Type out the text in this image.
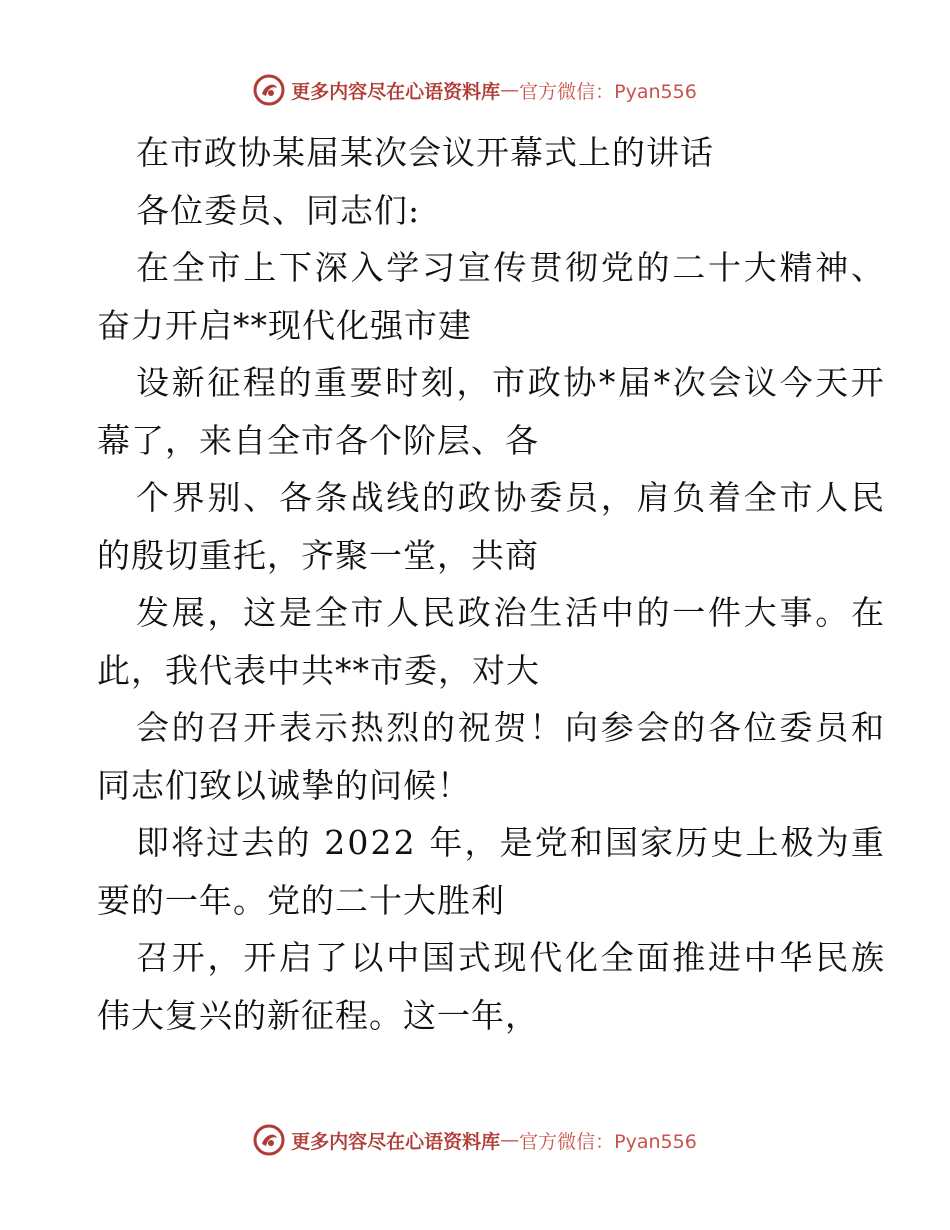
更多内容尽在心语资料库 — 官方微信：Pyan556
在市政协某届某次会议开幕式上的讲话
各位委员、同志们:
在 全 市 上 下 深 入 学 习 宣 传 贯 彻 党 的 二 十 大 精 神 、
奋力开启**现代化强市建
设 新 征 程 的 重 要 时 刻 ， 市 政 协 * 届 * 次 会 议 今 天 开
幕了，来自全市各个阶层、各
个 界 别 、 各 条 战 线 的 政 协 委 员 ， 肩 负 着 全 市 人 民
的殷切重托，齐聚一堂，共商
发 展 ， 这 是 全 市 人 民 政 治 生 活 中 的 一 件 大 事 。 在
此，我代表中共**市委，对大
会 的 召 开 表 示 热 烈 的 祝 贺 ！ 向 参 会 的 各 位 委 员 和
同志们致以诚挚的问候！
即 将 过 去 的
2 0 2 2
年 ， 是 党 和 国 家 历 史 上 极 为 重
要的一年。党的二十大胜利
召 开 ， 开 启 了 以 中 国 式 现 代 化 全 面 推 进 中 华 民 族
伟大复兴的新征程。这一年，
更多内容尽在心语资料库 — 官方微信：Pyan556
